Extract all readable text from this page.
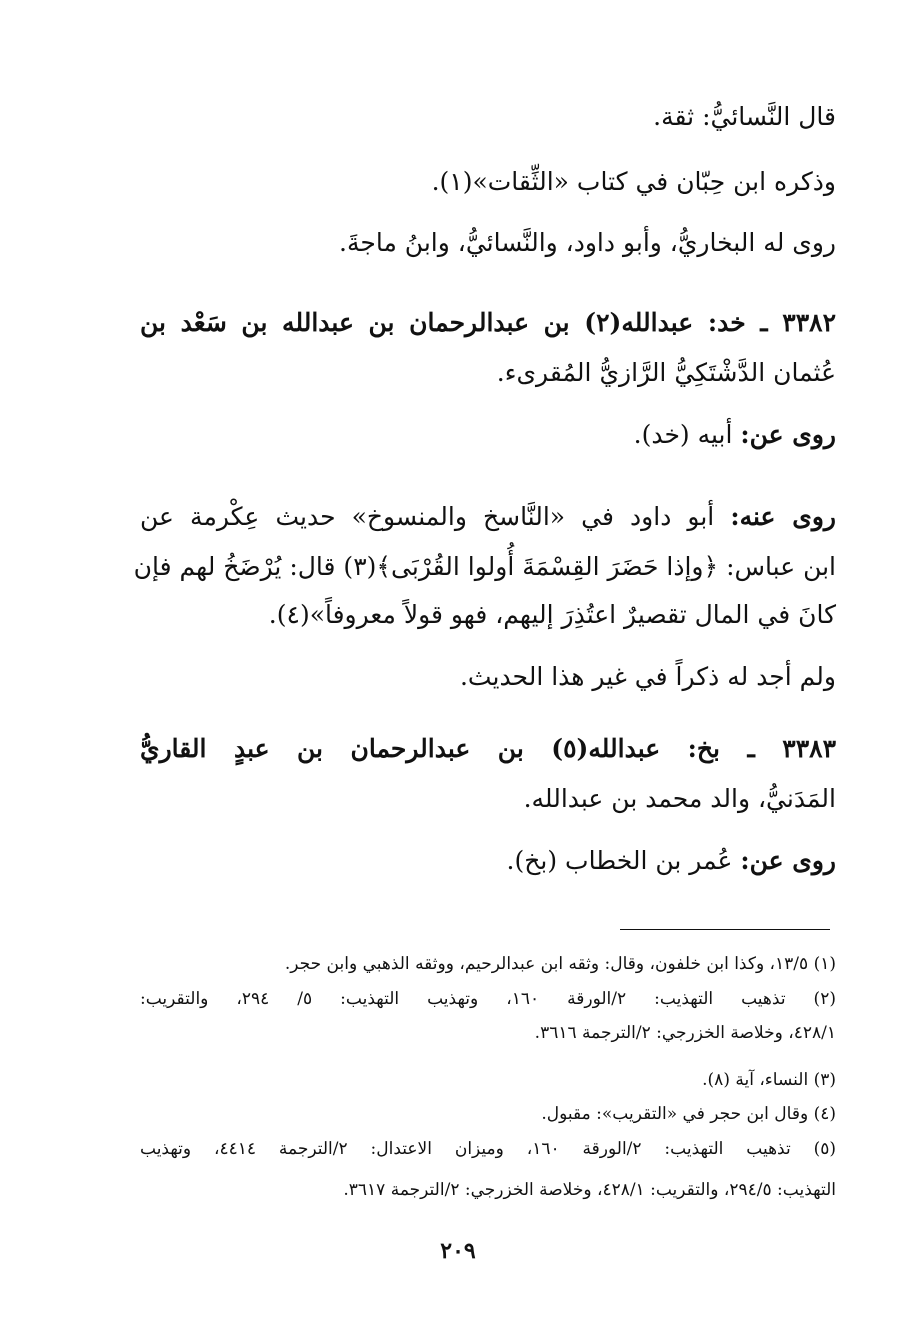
قال النَّسائيُّ: ثقة.
وذكره ابن حِبّان في كتاب «الثِّقات»(١).
روى له البخاريُّ، وأبو داود، والنَّسائيُّ، وابنُ ماجةَ.
٣٣٨٢ ـ خد: عبدالله(٢) بن عبدالرحمان بن عبدالله بن سَعْد بن
عُثمان الدَّشْتَكِيُّ الرَّازيُّ المُقرىء.
روى عن: أبيه (خد).
روى عنه: أبو داود في «النَّاسخ والمنسوخ» حديث عِكْرمة عن
ابن عباس: ﴿وإذا حَضَرَ القِسْمَةَ أُولوا القُرْبَى﴾(٣) قال: يُرْضَخُ لهم فإن
كانَ في المال تقصيرٌ اعتُذِرَ إليهم، فهو قولاً معروفاً»(٤).
ولم أجد له ذكراً في غير هذا الحديث.
٣٣٨٣ ـ بخ: عبدالله(٥) بن عبدالرحمان بن عبدٍ القاريُّ
المَدَنيُّ، والد محمد بن عبدالله.
روى عن: عُمر بن الخطاب (بخ).
(١) ١٣/٥، وكذا ابن خلفون، وقال: وثقه ابن عبدالرحيم، ووثقه الذهبي وابن حجر.
(٢) تذهيب التهذيب: ٢/الورقة ١٦٠، وتهذيب التهذيب: ٥/ ٢٩٤، والتقريب:
٤٢٨/١، وخلاصة الخزرجي: ٢/الترجمة ٣٦١٦.
(٣) النساء، آية (٨).
(٤) وقال ابن حجر في «التقريب»: مقبول.
(٥) تذهيب التهذيب: ٢/الورقة ١٦٠، وميزان الاعتدال: ٢/الترجمة ٤٤١٤، وتهذيب
التهذيب: ٢٩٤/٥، والتقريب: ٤٢٨/١، وخلاصة الخزرجي: ٢/الترجمة ٣٦١٧.
٢٠٩
